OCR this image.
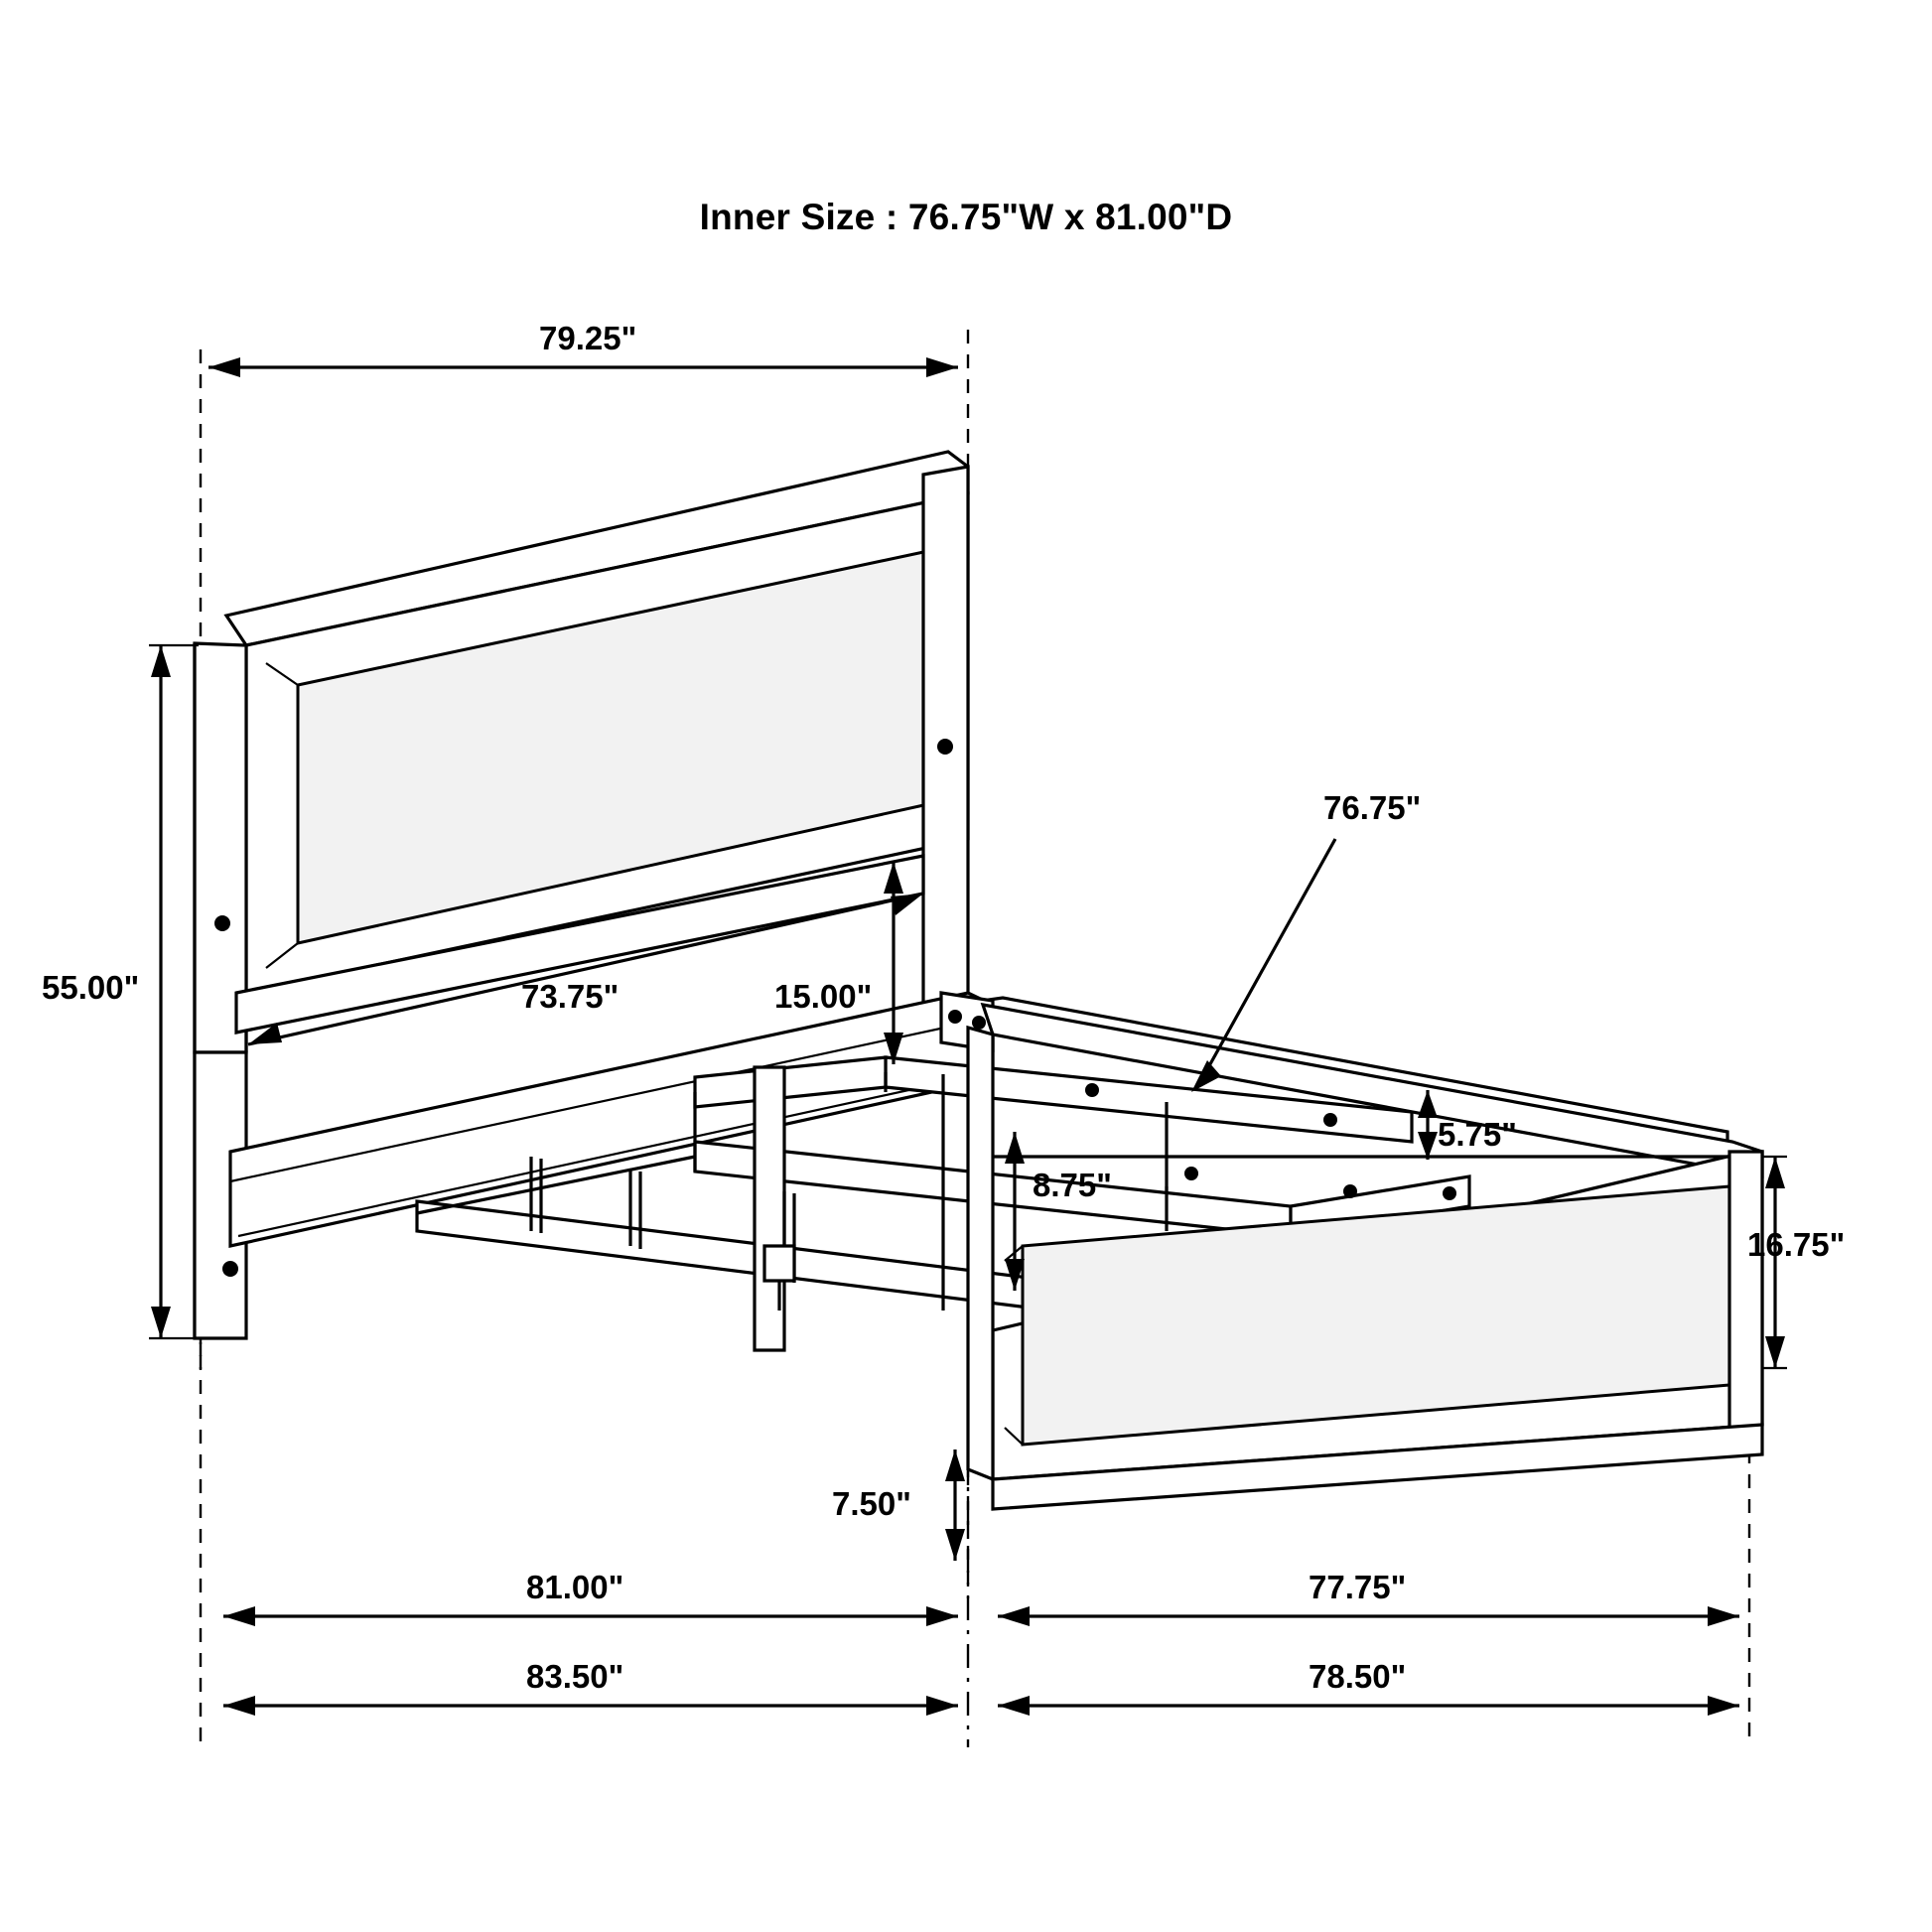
Inner Size : 76.75"W x 81.00"D
79.25"
55.00"
76.75"
73.75"	15.00"
5.75"
16.75"
8.75"
7.50"
81.00"	77.75"
83.50"	78.50"
